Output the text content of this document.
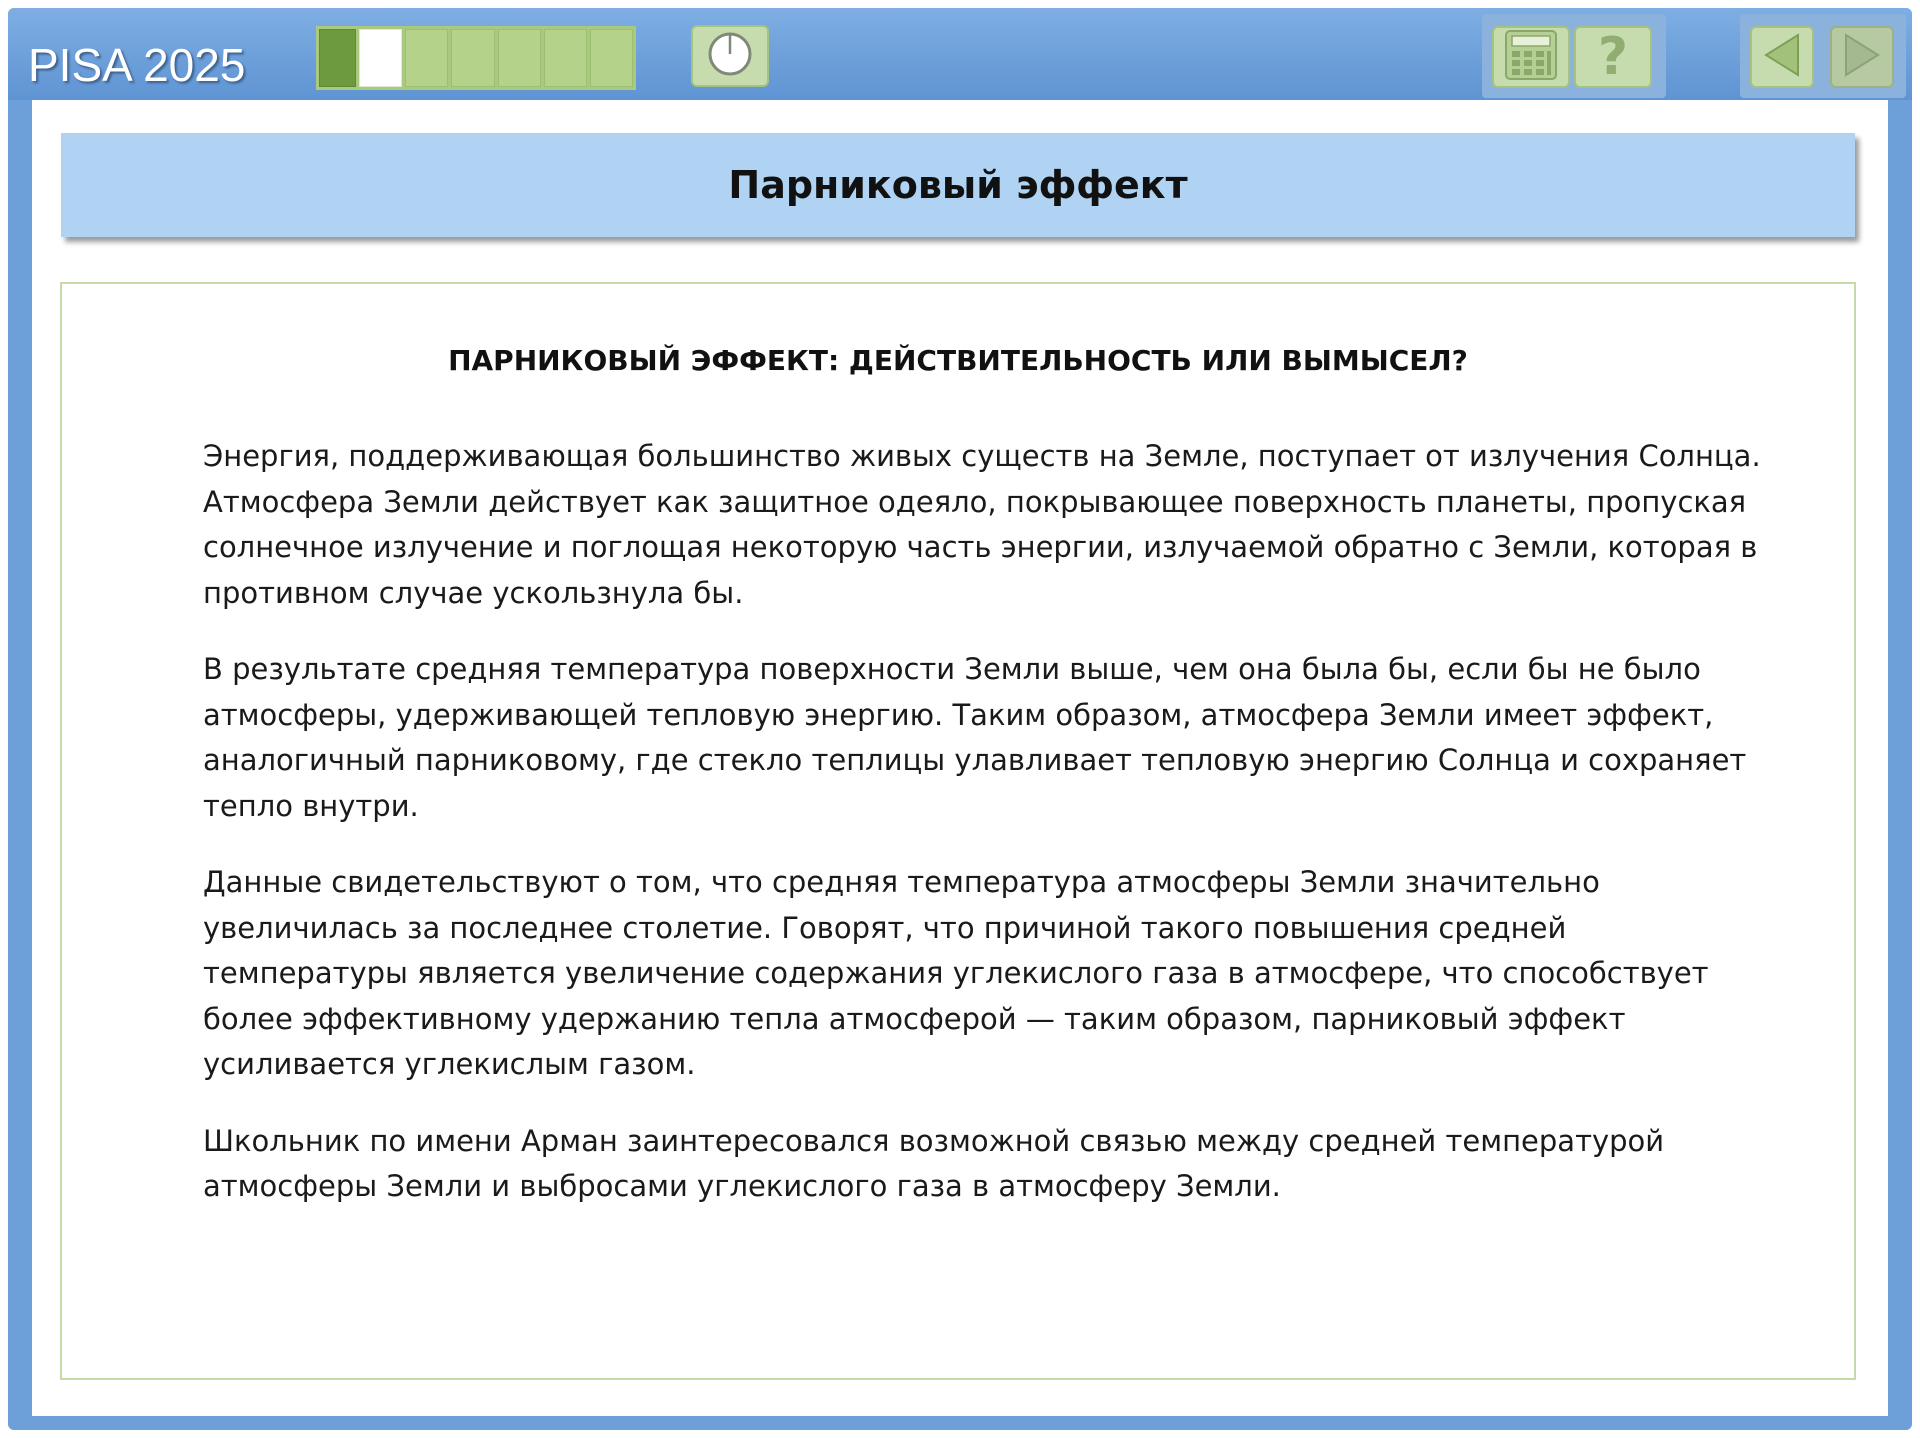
PISA 2025	?
Парниковый эффект
ПАРНИКОВЫЙ ЭФФЕКТ: ДЕЙСТВИТЕЛЬНОСТЬ ИЛИ ВЫМЫСЕЛ?

Энергия, поддерживающая большинство живых существ на Земле, поступает от излучения Солнца. Атмосфера Земли действует как защитное одеяло, покрывающее поверхность планеты, пропуская солнечное излучение и поглощая некоторую часть энергии, излучаемой обратно с Земли, которая в противном случае ускользнула бы.

В результате средняя температура поверхности Земли выше, чем она была бы, если бы не было атмосферы, удерживающей тепловую энергию. Таким образом, атмосфера Земли имеет эффект, аналогичный парниковому, где стекло теплицы улавливает тепловую энергию Солнца и сохраняет тепло внутри.

Данные свидетельствуют о том, что средняя температура атмосферы Земли значительно увеличилась за последнее столетие. Говорят, что причиной такого повышения средней температуры является увеличение содержания углекислого газа в атмосфере, что способствует более эффективному удержанию тепла атмосферой — таким образом, парниковый эффект усиливается углекислым газом.

Школьник по имени Арман заинтересовался возможной связью между средней температурой атмосферы Земли и выбросами углекислого газа в атмосферу Земли.
